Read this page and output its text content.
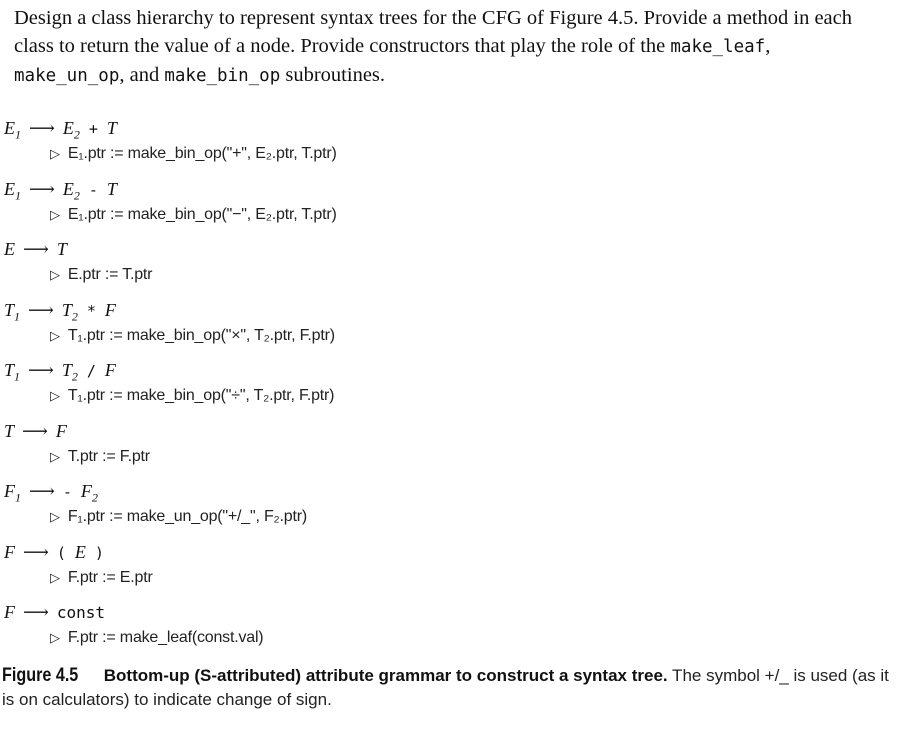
Design a class hierarchy to represent syntax trees for the CFG of Figure 4.5. Provide a method in each class to return the value of a node. Provide constructors that play the role of the make_leaf, make_un_op, and make_bin_op subroutines.
$E_1$ ⟶ $E_2$  +  T
▷ E₁.ptr := make_bin_op("+", E₂.ptr, T.ptr)
$E_1$ ⟶ $E_2$  -  T
▷ E₁.ptr := make_bin_op("−", E₂.ptr, T.ptr)
E ⟶ T 
▷ E.ptr := T.ptr
$T_1$ ⟶ $T_2$  *  F
▷ T₁.ptr := make_bin_op("×", T₂.ptr, F.ptr)
$T_1$ ⟶ $T_2$  /  F
▷ T₁.ptr := make_bin_op("÷", T₂.ptr, F.ptr)
T ⟶ F 
▷ T.ptr := F.ptr
$F_1$ ⟶ -  $F_2$
▷ F₁.ptr := make_un_op("+/_", F₂.ptr)
F ⟶ (  E  )
▷ F.ptr := E.ptr
F ⟶ const
▷ F.ptr := make_leaf(const.val)
Figure 4.5 Bottom-up (S-attributed) attribute grammar to construct a syntax tree. The symbol +/_ is used (as it is on calculators) to indicate change of sign.
